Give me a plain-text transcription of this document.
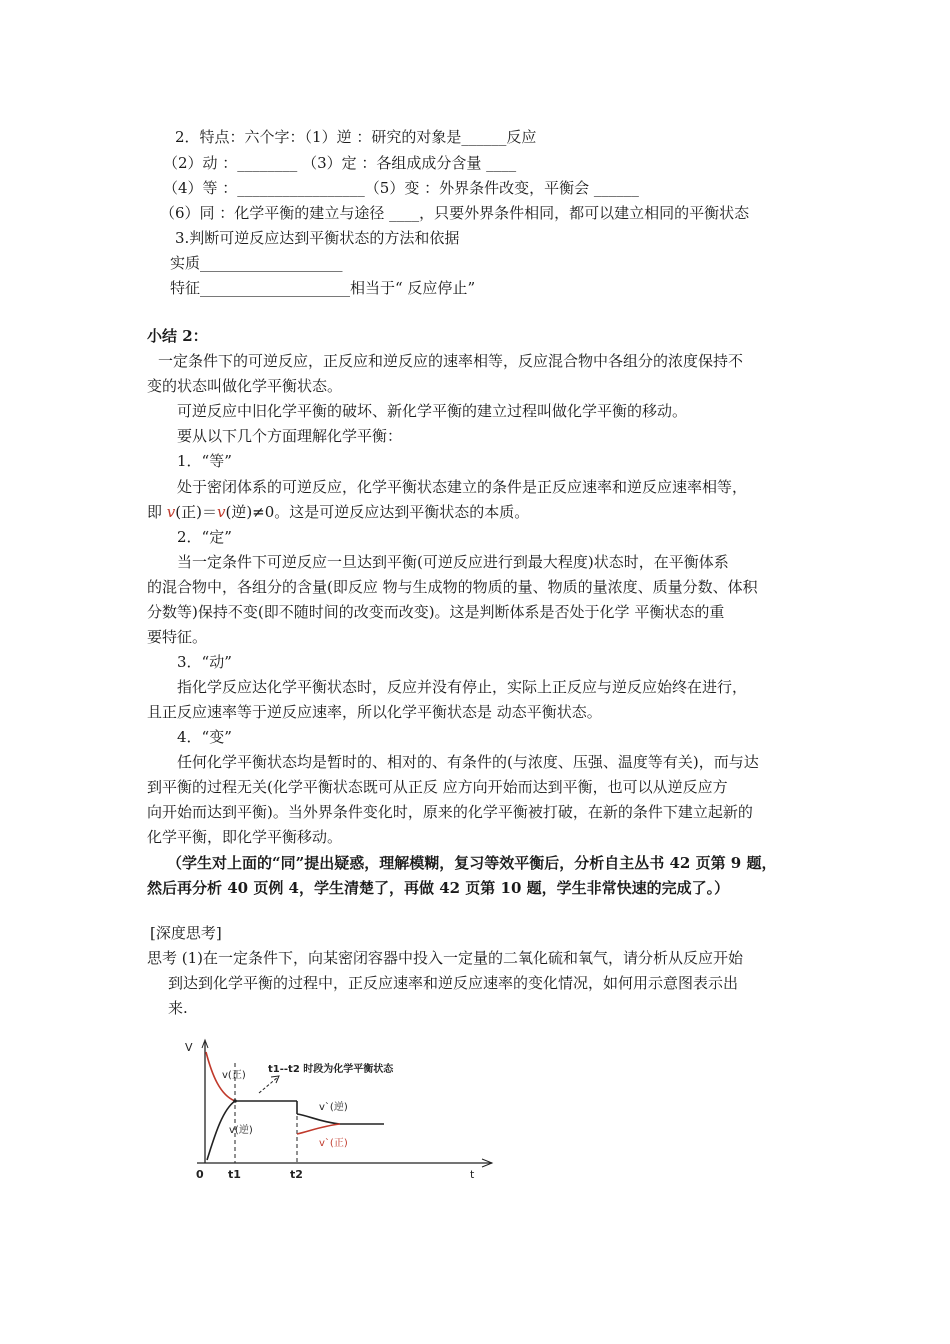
2．特点：六个字：（1）逆 ：研究的对象是______反应
（2）动 ：________ （3）定 ：各组成成分含量 ____
（4）等 ：_________________（5）变 ：外界条件改变，平衡会 ______
（6）同 ：化学平衡的建立与途径 ____，只要外界条件相同，都可以建立相同的平衡状态
3.判断可逆反应达到平衡状态的方法和依据
实质___________________
特征____________________相当于“ 反应停止”
小结 2：
一定条件下的可逆反应，正反应和逆反应的速率相等，反应混合物中各组分的浓度保持不
变的状态叫做化学平衡状态。
可逆反应中旧化学平衡的破坏、新化学平衡的建立过程叫做化学平衡的移动。
要从以下几个方面理解化学平衡：
1．“等”
处于密闭体系的可逆反应，化学平衡状态建立的条件是正反应速率和逆反应速率相等，
即 v(正)＝v(逆)≠0。这是可逆反应达到平衡状态的本质。
2．“定”
当一定条件下可逆反应一旦达到平衡(可逆反应进行到最大程度)状态时，在平衡体系
的混合物中，各组分的含量(即反应 物与生成物的物质的量、物质的量浓度、质量分数、体积
分数等)保持不变(即不随时间的改变而改变)。这是判断体系是否处于化学 平衡状态的重
要特征。
3．“动”
指化学反应达化学平衡状态时，反应并没有停止，实际上正反应与逆反应始终在进行，
且正反应速率等于逆反应速率，所以化学平衡状态是 动态平衡状态。
4．“变”
任何化学平衡状态均是暂时的、相对的、有条件的(与浓度、压强、温度等有关)，而与达
到平衡的过程无关(化学平衡状态既可从正反 应方向开始而达到平衡，也可以从逆反应方
向开始而达到平衡)。当外界条件变化时，原来的化学平衡被打破，在新的条件下建立起新的
化学平衡，即化学平衡移动。
（学生对上面的“同”提出疑惑，理解模糊，复习等效平衡后，分析自主丛书 42 页第 9 题，
然后再分析 40 页例 4，学生清楚了，再做 42 页第 10 题，学生非常快速的完成了。）
[深度思考]
思考 (1)在一定条件下，向某密闭容器中投入一定量的二氧化硫和氧气，请分析从反应开始
到达到化学平衡的过程中，正反应速率和逆反应速率的变化情况，如何用示意图表示出
来.
V
t
0 t1	t2
v(正)
v(逆)
v`(逆)
v`(正)
t1--t2 时段为化学平衡状态
